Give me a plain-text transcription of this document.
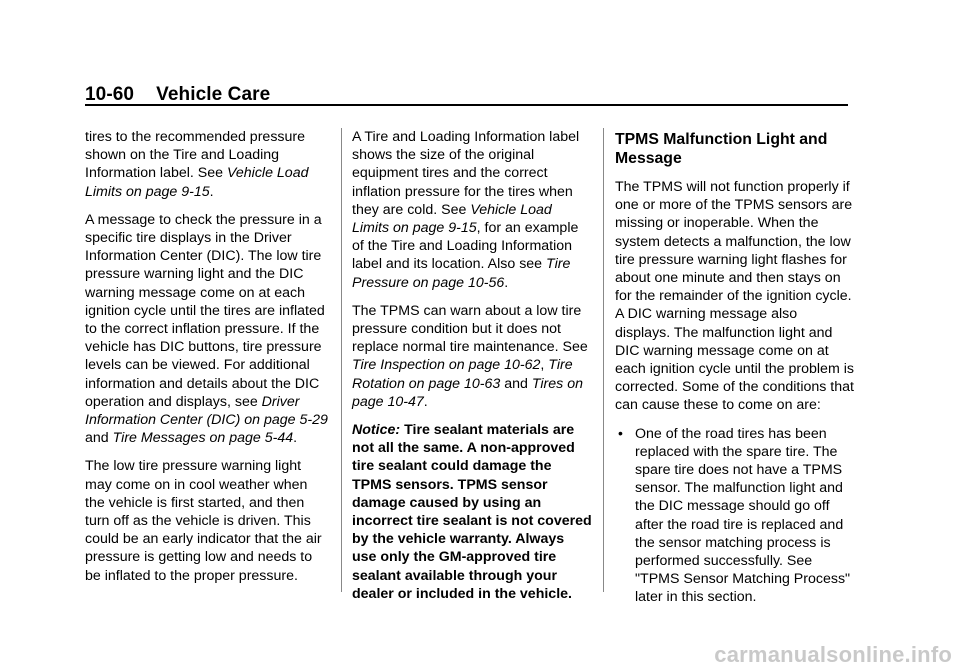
10-60 Vehicle Care

tires to the recommended pressure shown on the Tire and Loading Information label. See Vehicle Load Limits on page 9-15.

A message to check the pressure in a specific tire displays in the Driver Information Center (DIC). The low tire pressure warning light and the DIC warning message come on at each ignition cycle until the tires are inflated to the correct inflation pressure. If the vehicle has DIC buttons, tire pressure levels can be viewed. For additional information and details about the DIC operation and displays, see Driver Information Center (DIC) on page 5-29 and Tire Messages on page 5-44.

The low tire pressure warning light may come on in cool weather when the vehicle is first started, and then turn off as the vehicle is driven. This could be an early indicator that the air pressure is getting low and needs to be inflated to the proper pressure.

A Tire and Loading Information label shows the size of the original equipment tires and the correct inflation pressure for the tires when they are cold. See Vehicle Load Limits on page 9-15, for an example of the Tire and Loading Information label and its location. Also see Tire Pressure on page 10-56.

The TPMS can warn about a low tire pressure condition but it does not replace normal tire maintenance. See Tire Inspection on page 10-62, Tire Rotation on page 10-63 and Tires on page 10-47.

Notice: Tire sealant materials are not all the same. A non-approved tire sealant could damage the TPMS sensors. TPMS sensor damage caused by using an incorrect tire sealant is not covered by the vehicle warranty. Always use only the GM-approved tire sealant available through your dealer or included in the vehicle.

TPMS Malfunction Light and Message

The TPMS will not function properly if one or more of the TPMS sensors are missing or inoperable. When the system detects a malfunction, the low tire pressure warning light flashes for about one minute and then stays on for the remainder of the ignition cycle. A DIC warning message also displays. The malfunction light and DIC warning message come on at each ignition cycle until the problem is corrected. Some of the conditions that can cause these to come on are:

• One of the road tires has been replaced with the spare tire. The spare tire does not have a TPMS sensor. The malfunction light and the DIC message should go off after the road tire is replaced and the sensor matching process is performed successfully. See "TPMS Sensor Matching Process" later in this section.
carmanualsonline.info
